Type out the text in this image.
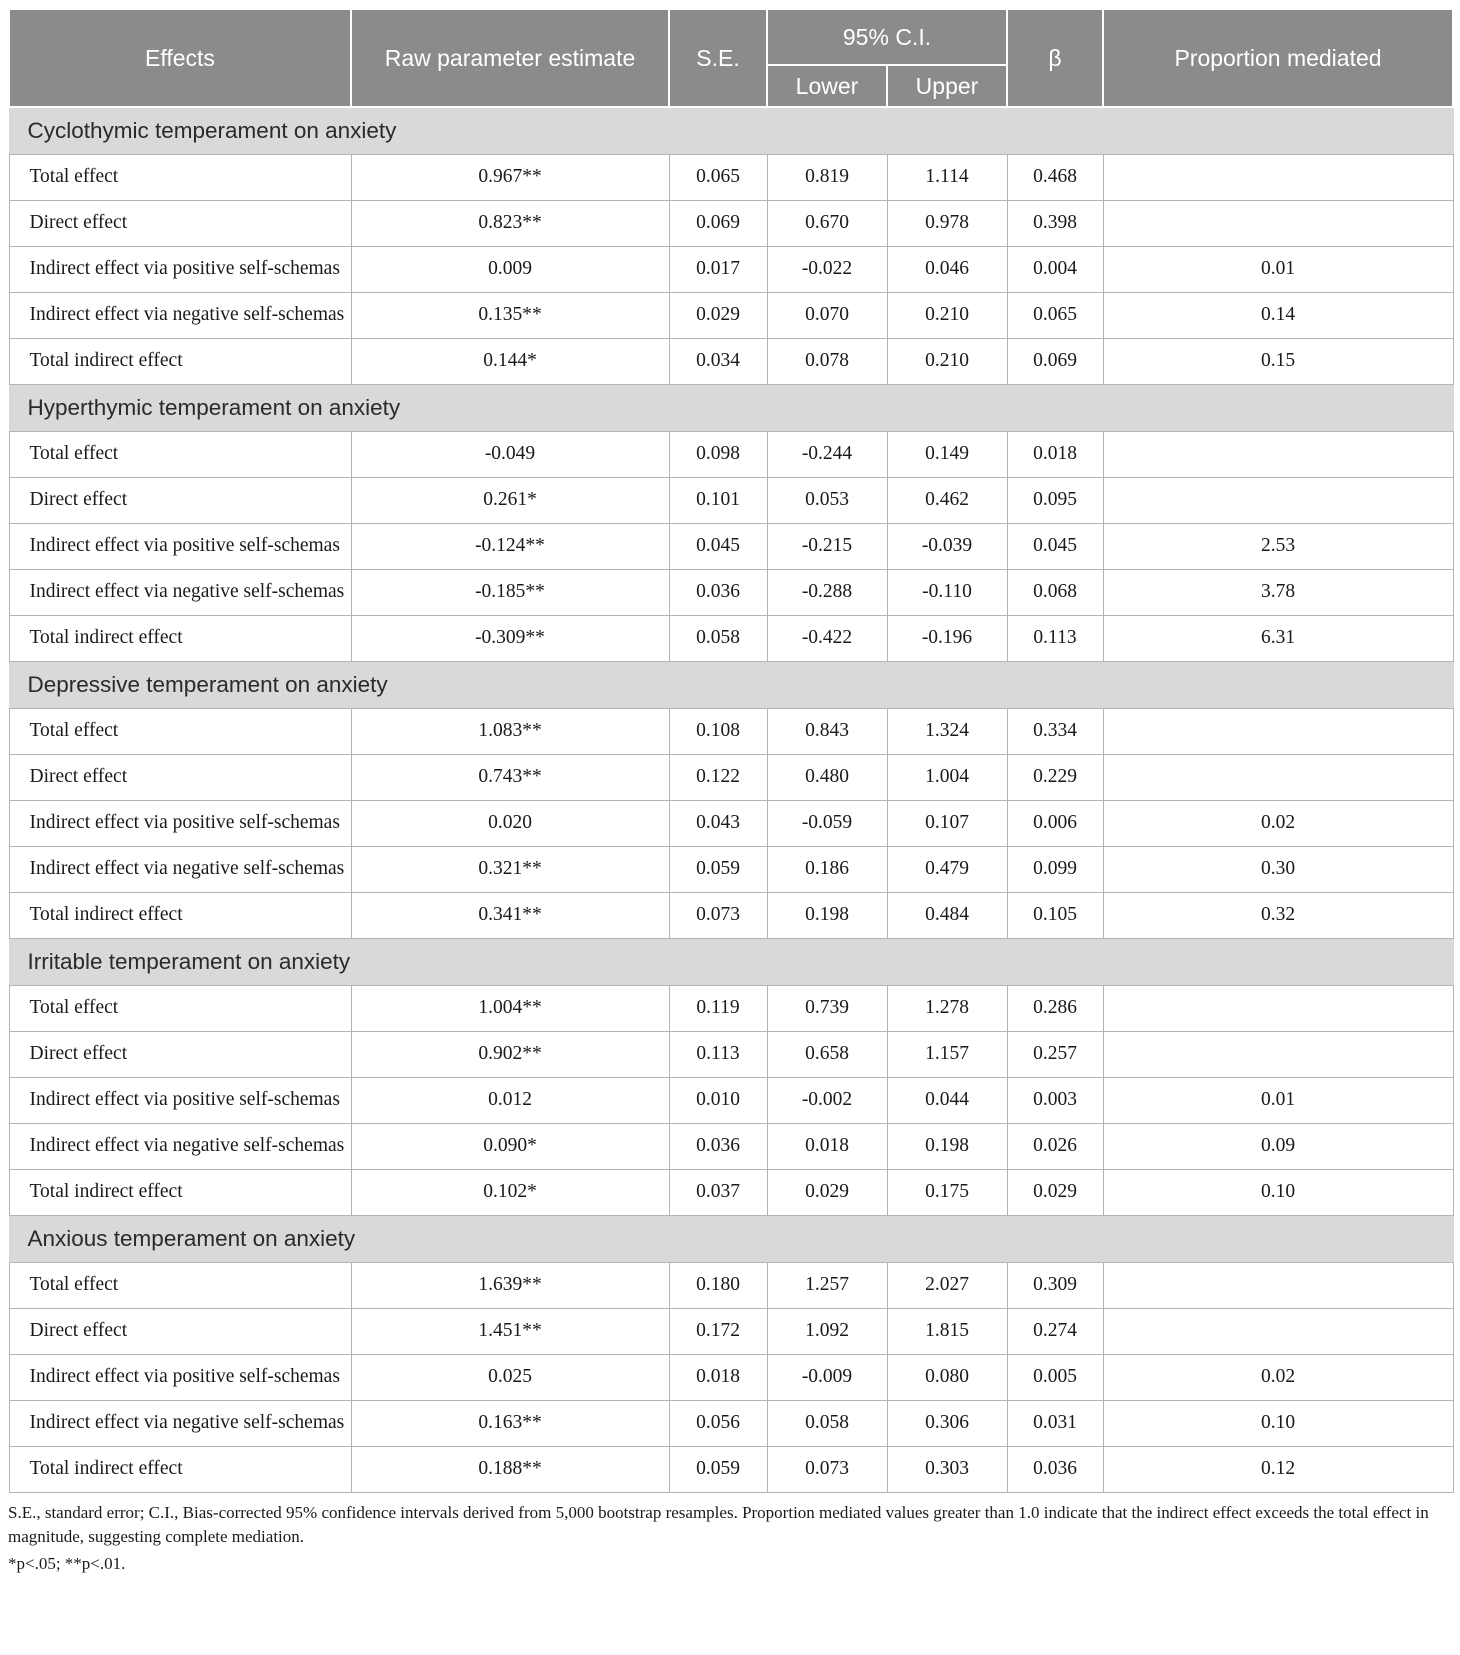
Effects	Raw parameter estimate	S.E.	95% C.I.		β	Proportion mediated
			Lower	Upper		
Cyclothymic temperament on anxiety						
Total effect	0.967**	0.065	0.819	1.114	0.468	
Direct effect	0.823**	0.069	0.670	0.978	0.398	
Indirect effect via positive self-schemas	0.009	0.017	-0.022	0.046	0.004	0.01
Indirect effect via negative self-schemas	0.135**	0.029	0.070	0.210	0.065	0.14
Total indirect effect	0.144*	0.034	0.078	0.210	0.069	0.15
Hyperthymic temperament on anxiety						
Total effect	-0.049	0.098	-0.244	0.149	0.018	
Direct effect	0.261*	0.101	0.053	0.462	0.095	
Indirect effect via positive self-schemas	-0.124**	0.045	-0.215	-0.039	0.045	2.53
Indirect effect via negative self-schemas	-0.185**	0.036	-0.288	-0.110	0.068	3.78
Total indirect effect	-0.309**	0.058	-0.422	-0.196	0.113	6.31
Depressive temperament on anxiety						
Total effect	1.083**	0.108	0.843	1.324	0.334	
Direct effect	0.743**	0.122	0.480	1.004	0.229	
Indirect effect via positive self-schemas	0.020	0.043	-0.059	0.107	0.006	0.02
Indirect effect via negative self-schemas	0.321**	0.059	0.186	0.479	0.099	0.30
Total indirect effect	0.341**	0.073	0.198	0.484	0.105	0.32
Irritable temperament on anxiety						
Total effect	1.004**	0.119	0.739	1.278	0.286	
Direct effect	0.902**	0.113	0.658	1.157	0.257	
Indirect effect via positive self-schemas	0.012	0.010	-0.002	0.044	0.003	0.01
Indirect effect via negative self-schemas	0.090*	0.036	0.018	0.198	0.026	0.09
Total indirect effect	0.102*	0.037	0.029	0.175	0.029	0.10
Anxious temperament on anxiety						
Total effect	1.639**	0.180	1.257	2.027	0.309	
Direct effect	1.451**	0.172	1.092	1.815	0.274	
Indirect effect via positive self-schemas	0.025	0.018	-0.009	0.080	0.005	0.02
Indirect effect via negative self-schemas	0.163**	0.056	0.058	0.306	0.031	0.10
Total indirect effect	0.188**	0.059	0.073	0.303	0.036	0.12

S.E., standard error; C.I., Bias-corrected 95% confidence intervals derived from 5,000 bootstrap resamples. Proportion mediated values greater than 1.0 indicate that the indirect effect exceeds the total effect in magnitude, suggesting complete mediation.

*p<.05; **p<.01.
